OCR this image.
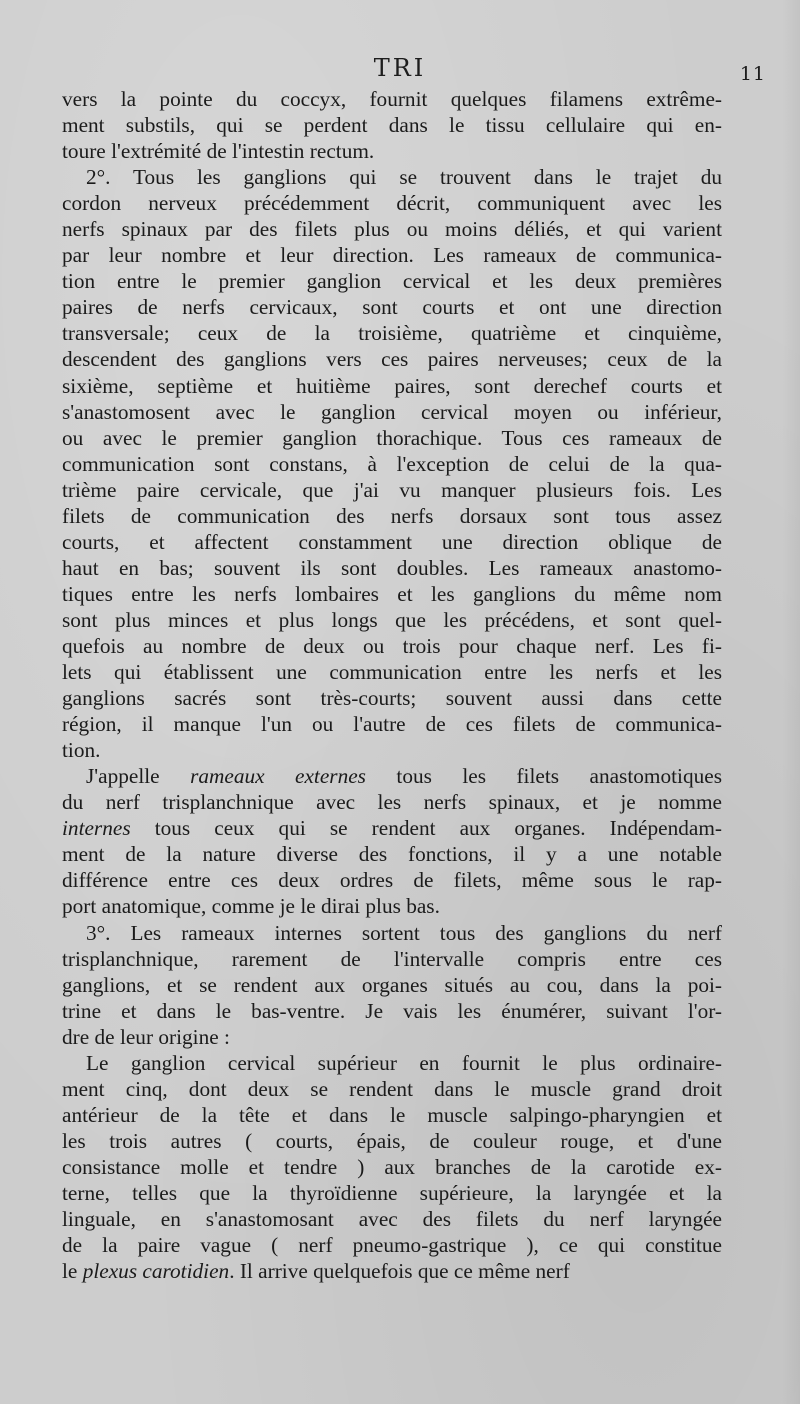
TRI	11
vers la pointe du coccyx, fournit quelques filamens extrême-
ment substils, qui se perdent dans le tissu cellulaire qui en-
toure l'extrémité de l'intestin rectum.
2°. Tous les ganglions qui se trouvent dans le trajet du
cordon nerveux précédemment décrit, communiquent avec les
nerfs spinaux par des filets plus ou moins déliés, et qui varient
par leur nombre et leur direction. Les rameaux de communica-
tion entre le premier ganglion cervical et les deux premières
paires de nerfs cervicaux, sont courts et ont une direction
transversale; ceux de la troisième, quatrième et cinquième,
descendent des ganglions vers ces paires nerveuses; ceux de la
sixième, septième et huitième paires, sont derechef courts et
s'anastomosent avec le ganglion cervical moyen ou inférieur,
ou avec le premier ganglion thorachique. Tous ces rameaux de
communication sont constans, à l'exception de celui de la qua-
trième paire cervicale, que j'ai vu manquer plusieurs fois. Les
filets de communication des nerfs dorsaux sont tous assez
courts, et affectent constamment une direction oblique de
haut en bas; souvent ils sont doubles. Les rameaux anastomo-
tiques entre les nerfs lombaires et les ganglions du même nom
sont plus minces et plus longs que les précédens, et sont quel-
quefois au nombre de deux ou trois pour chaque nerf. Les fi-
lets qui établissent une communication entre les nerfs et les
ganglions sacrés sont très-courts; souvent aussi dans cette
région, il manque l'un ou l'autre de ces filets de communica-
tion.
J'appelle rameaux externes tous les filets anastomotiques
du nerf trisplanchnique avec les nerfs spinaux, et je nomme
internes tous ceux qui se rendent aux organes. Indépendam-
ment de la nature diverse des fonctions, il y a une notable
différence entre ces deux ordres de filets, même sous le rap-
port anatomique, comme je le dirai plus bas.
3°. Les rameaux internes sortent tous des ganglions du nerf
trisplanchnique, rarement de l'intervalle compris entre ces
ganglions, et se rendent aux organes situés au cou, dans la poi-
trine et dans le bas-ventre. Je vais les énumérer, suivant l'or-
dre de leur origine :
Le ganglion cervical supérieur en fournit le plus ordinaire-
ment cinq, dont deux se rendent dans le muscle grand droit
antérieur de la tête et dans le muscle salpingo-pharyngien et
les trois autres ( courts, épais, de couleur rouge, et d'une
consistance molle et tendre ) aux branches de la carotide ex-
terne, telles que la thyroïdienne supérieure, la laryngée et la
linguale, en s'anastomosant avec des filets du nerf laryngée
de la paire vague ( nerf pneumo-gastrique ), ce qui constitue
le plexus carotidien. Il arrive quelquefois que ce même nerf
